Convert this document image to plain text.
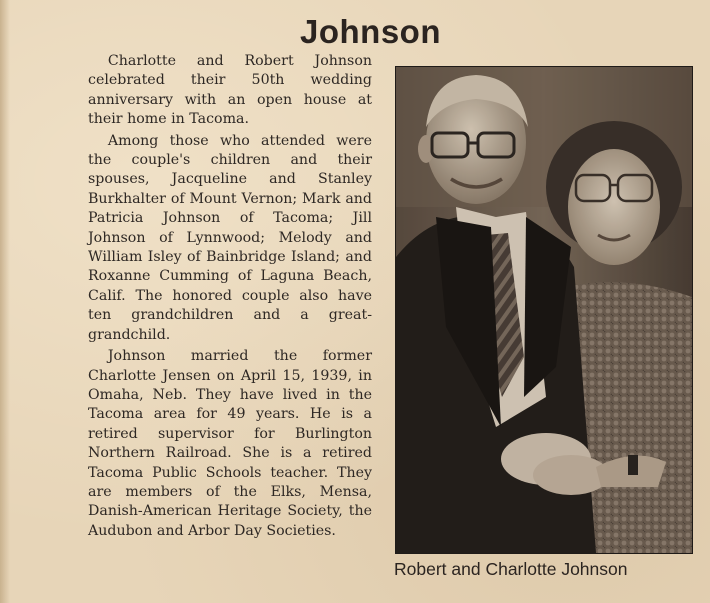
Johnson

Charlotte and Robert Johnson celebrated their 50th wedding anniversary with an open house at their home in Tacoma.

Among those who attended were the couple's children and their spouses, Jacqueline and Stanley Burkhalter of Mount Vernon; Mark and Patricia Johnson of Tacoma; Jill Johnson of Lynnwood; Melody and William Isley of Bainbridge Island; and Roxanne Cumming of Laguna Beach, Calif. The honored couple also have ten grandchildren and a great-grandchild.

Johnson married the former Charlotte Jensen on April 15, 1939, in Omaha, Neb. They have lived in the Tacoma area for 49 years. He is a retired supervisor for Burlington Northern Railroad. She is a retired Tacoma Public Schools teacher. They are members of the Elks, Mensa, Danish-American Heritage Society, the Audubon and Arbor Day Societies.

Robert and Charlotte Johnson
